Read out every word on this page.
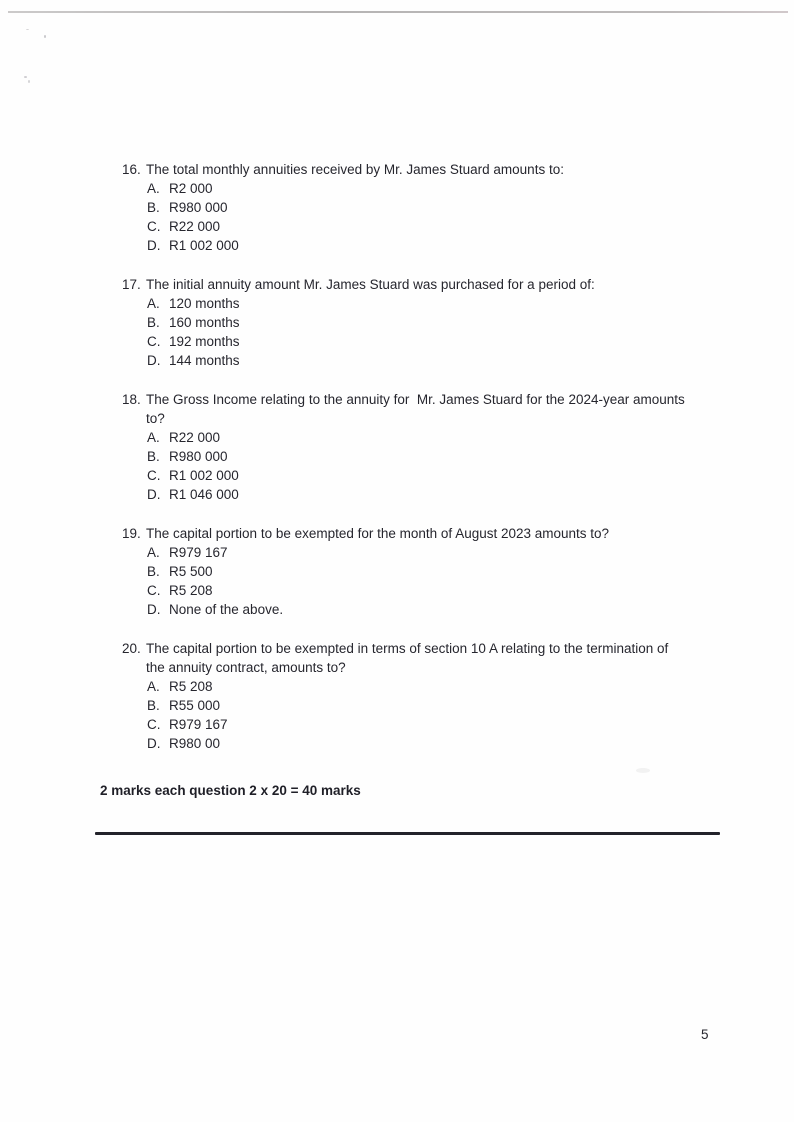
16. The total monthly annuities received by Mr. James Stuard amounts to:
A. R2 000
B. R980 000
C. R22 000
D. R1 002 000
17. The initial annuity amount Mr. James Stuard was purchased for a period of:
A. 120 months
B. 160 months
C. 192 months
D. 144 months
18. The Gross Income relating to the annuity for  Mr. James Stuard for the 2024-year amounts
to?
A. R22 000
B. R980 000
C. R1 002 000
D. R1 046 000
19. The capital portion to be exempted for the month of August 2023 amounts to?
A. R979 167
B. R5 500
C. R5 208
D. None of the above.
20. The capital portion to be exempted in terms of section 10 A relating to the termination of
the annuity contract, amounts to?
A. R5 208
B. R55 000
C. R979 167
D. R980 00
2 marks each question 2 x 20 = 40 marks
5
